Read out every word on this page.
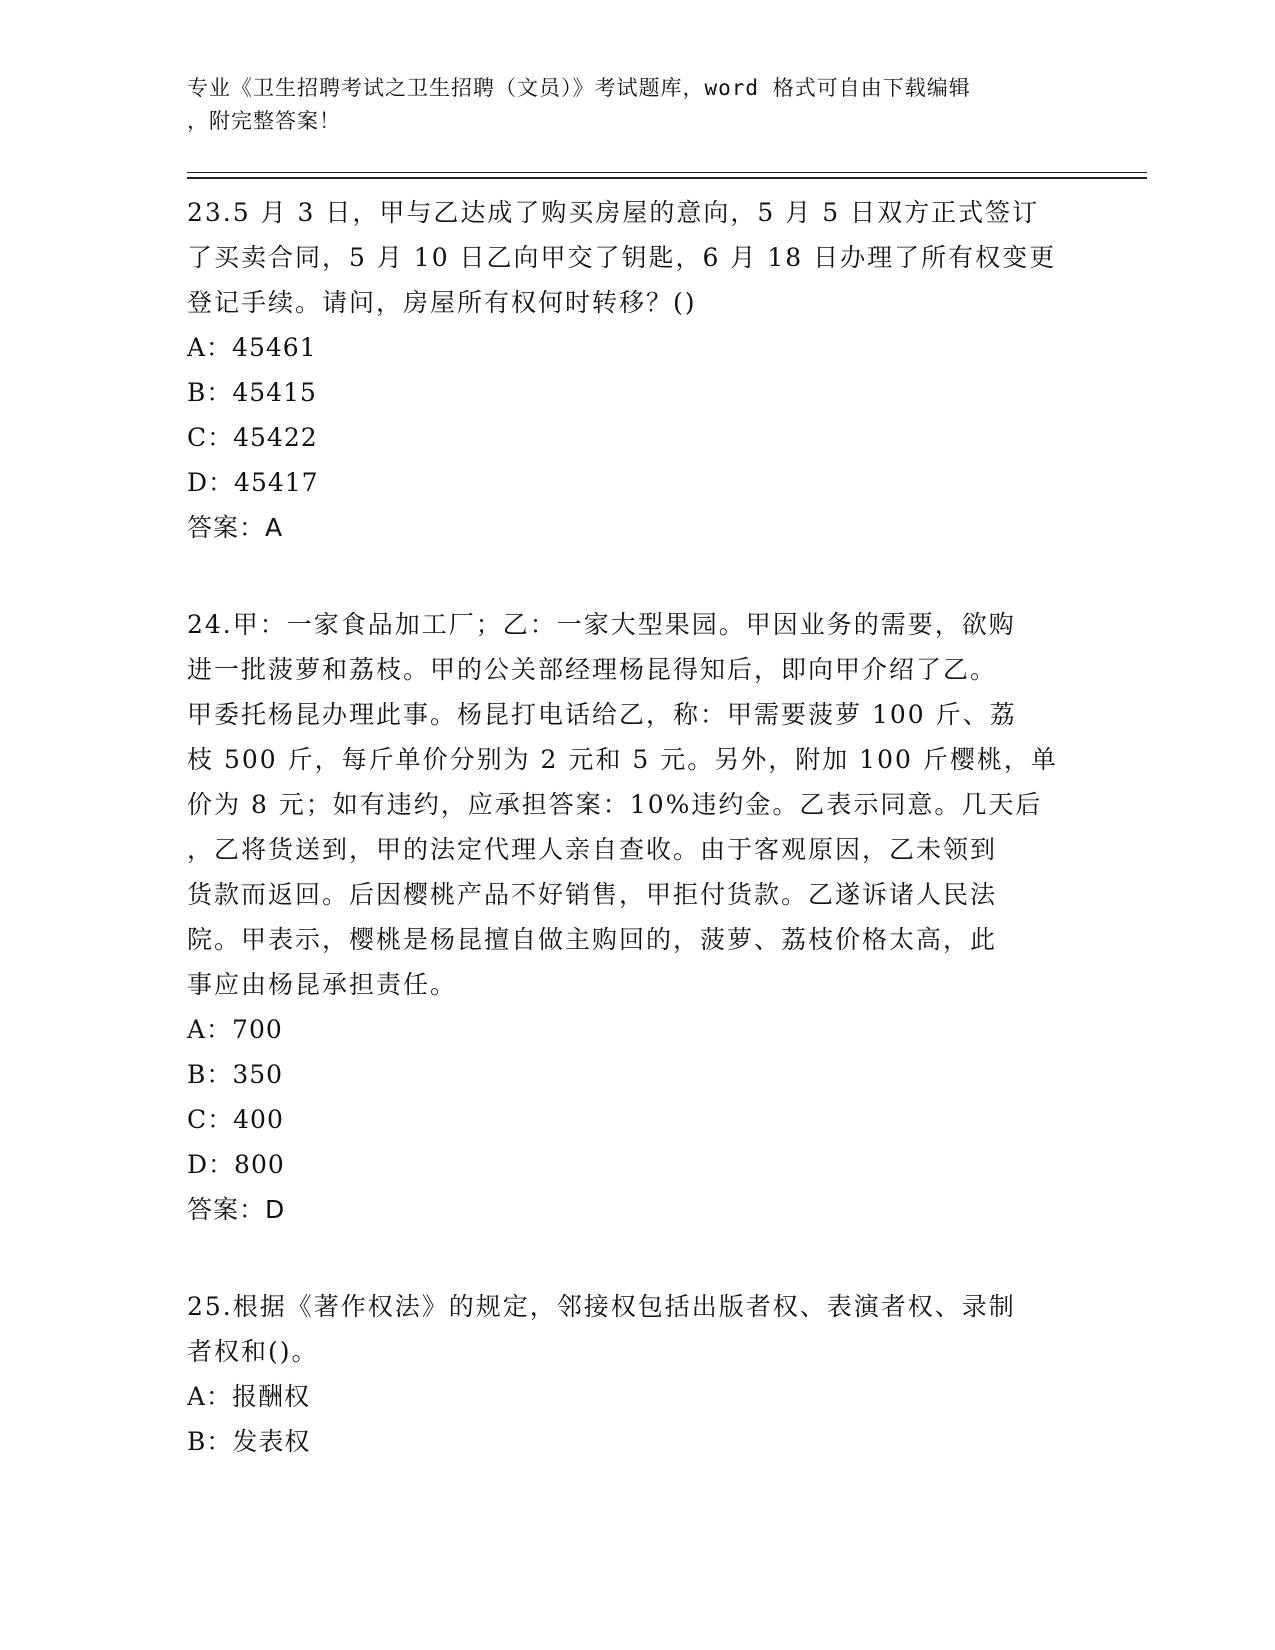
专业《卫生招聘考试之卫生招聘（文员）》考试题库，word 格式可自由下载编辑
，附完整答案！

23.5 月 3 日，甲与乙达成了购买房屋的意向，5 月 5 日双方正式签订
了买卖合同，5 月 10 日乙向甲交了钥匙，6 月 18 日办理了所有权变更
登记手续。请问，房屋所有权何时转移？()

A：45461

B：45415

C：45422

D：45417

答案：A

24.甲：一家食品加工厂；乙：一家大型果园。甲因业务的需要，欲购
进一批菠萝和荔枝。甲的公关部经理杨昆得知后，即向甲介绍了乙。
甲委托杨昆办理此事。杨昆打电话给乙，称：甲需要菠萝 100 斤、荔
枝 500 斤，每斤单价分别为 2 元和 5 元。另外，附加 100 斤樱桃，单
价为 8 元；如有违约，应承担答案：10%违约金。乙表示同意。几天后
，乙将货送到，甲的法定代理人亲自查收。由于客观原因，乙未领到
货款而返回。后因樱桃产品不好销售，甲拒付货款。乙遂诉诸人民法
院。甲表示，樱桃是杨昆擅自做主购回的，菠萝、荔枝价格太高，此
事应由杨昆承担责任。

A：700

B：350

C：400

D：800

答案：D

25.根据《著作权法》的规定，邻接权包括出版者权、表演者权、录制
者权和()。

A：报酬权

B：发表权
